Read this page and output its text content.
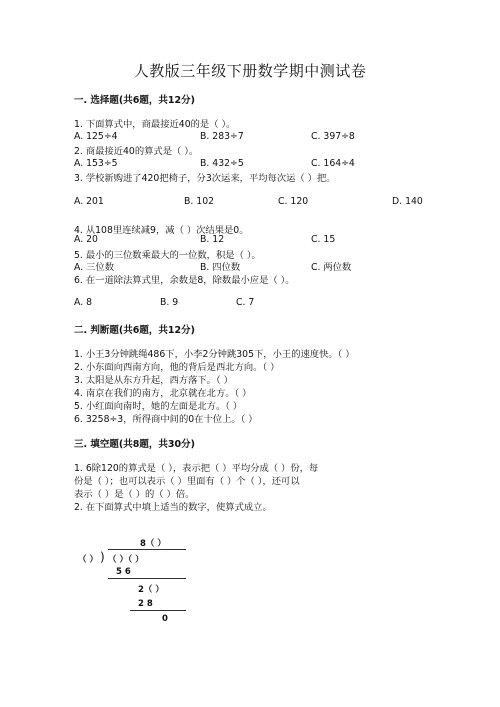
人教版三年级下册数学期中测试卷
一. 选择题(共6题，共12分)
1. 下面算式中，商最接近40的是（ ）。
A. 125÷4	B. 283÷7	C. 397÷8
2. 商最接近40的算式是（ ）。
A. 153÷5	B. 432÷5	C. 164÷4
3. 学校新购进了420把椅子，分3次运来，平均每次运（ ）把。
A. 201	B. 102	C. 120	D. 140
4. 从108里连续减9，减（ ）次结果是0。
A. 20	B. 12	C. 15
5. 最小的三位数乘最大的一位数，积是（ ）。
A. 三位数	B. 四位数	C. 两位数
6. 在一道除法算式里，余数是8，除数最小应是（ ）。
A. 8	B. 9	C. 7
二. 判断题(共6题，共12分)
1. 小王3分钟跳绳486下，小李2分钟跳305下，小王的速度快。（ ）
2. 小东面向西南方向，他的背后是西北方向。（ ）
3. 太阳是从东方升起，西方落下。（ ）
4. 南京在我们的南方，北京就在北方。（ ）
5. 小红面向南时，她的左面是北方。（ ）
6. 3258÷3，所得商中间的0在十位上。（ ）
三. 填空题(共8题，共30分)
1. 6除120的算式是（ ），表示把（ ）平均分成（ ）份，每
份是（ ）；也可以表示（ ）里面有（ ）个（ ），还可以
表示（ ）是（ ）的（ ）倍。
2. 在下面算式中填上适当的数字，使算式成立。
8（ ）
（ ） ) （ ）（ ）
5 6
2（ ）
2 8
0
